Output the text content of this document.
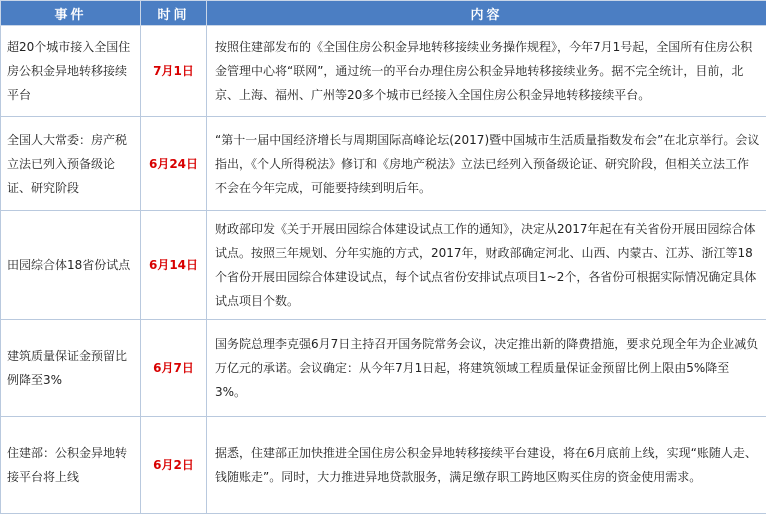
事件	时间	内容
超20个城市接入全国住房公积金异地转移接续平台	7月1日	按照住建部发布的《全国住房公积金异地转移接续业务操作规程》，今年7月1号起，全国所有住房公积金管理中心将“联网”，通过统一的平台办理住房公积金异地转移接续业务。据不完全统计，目前，北京、上海、福州、广州等20多个城市已经接入全国住房公积金异地转移接续平台。
全国人大常委：房产税立法已列入预备级论证、研究阶段	6月24日	“第十一届中国经济增长与周期国际高峰论坛(2017)暨中国城市生活质量指数发布会”在北京举行。会议指出，《个人所得税法》修订和《房地产税法》立法已经列入预备级论证、研究阶段，但相关立法工作不会在今年完成，可能要持续到明后年。
田园综合体18省份试点	6月14日	财政部印发《关于开展田园综合体建设试点工作的通知》，决定从2017年起在有关省份开展田园综合体试点。按照三年规划、分年实施的方式，2017年，财政部确定河北、山西、内蒙古、江苏、浙江等18个省份开展田园综合体建设试点，每个试点省份安排试点项目1~2个，各省份可根据实际情况确定具体试点项目个数。
建筑质量保证金预留比例降至3%	6月7日	国务院总理李克强6月7日主持召开国务院常务会议，决定推出新的降费措施，要求兑现全年为企业减负万亿元的承诺。会议确定：从今年7月1日起，将建筑领域工程质量保证金预留比例上限由5%降至3%。
住建部：公积金异地转接平台将上线	6月2日	据悉，住建部正加快推进全国住房公积金异地转移接续平台建设，将在6月底前上线，实现“账随人走、钱随账走”。同时，大力推进异地贷款服务，满足缴存职工跨地区购买住房的资金使用需求。
